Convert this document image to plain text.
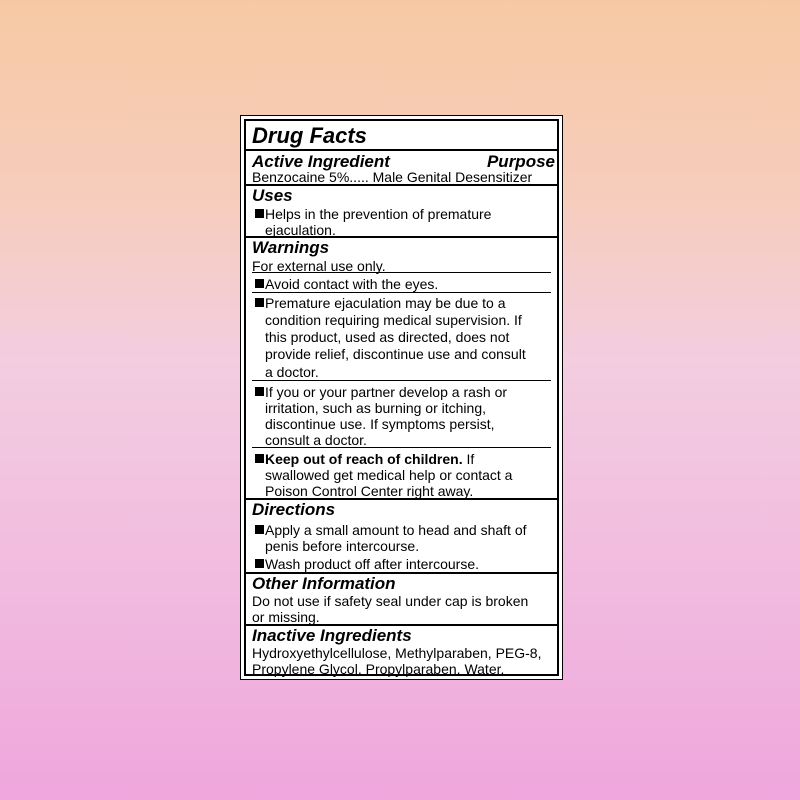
Drug Facts
Active Ingredient	Purpose
Benzocaine 5%..... Male Genital Desensitizer
Uses
Helps in the prevention of premature
ejaculation.
Warnings
For external use only.
Avoid contact with the eyes.
Premature ejaculation may be due to a
condition requiring medical supervision. If
this product, used as directed, does not
provide relief, discontinue use and consult
a doctor.
If you or your partner develop a rash or
irritation, such as burning or itching,
discontinue use. If symptoms persist,
consult a doctor.
Keep out of reach of children. If
swallowed get medical help or contact a
Poison Control Center right away.
Directions
Apply a small amount to head and shaft of
penis before intercourse.
Wash product off after intercourse.
Other Information
Do not use if safety seal under cap is broken
or missing.
Inactive Ingredients
Hydroxyethylcellulose, Methylparaben, PEG-8,
Propylene Glycol, Propylparaben, Water.
